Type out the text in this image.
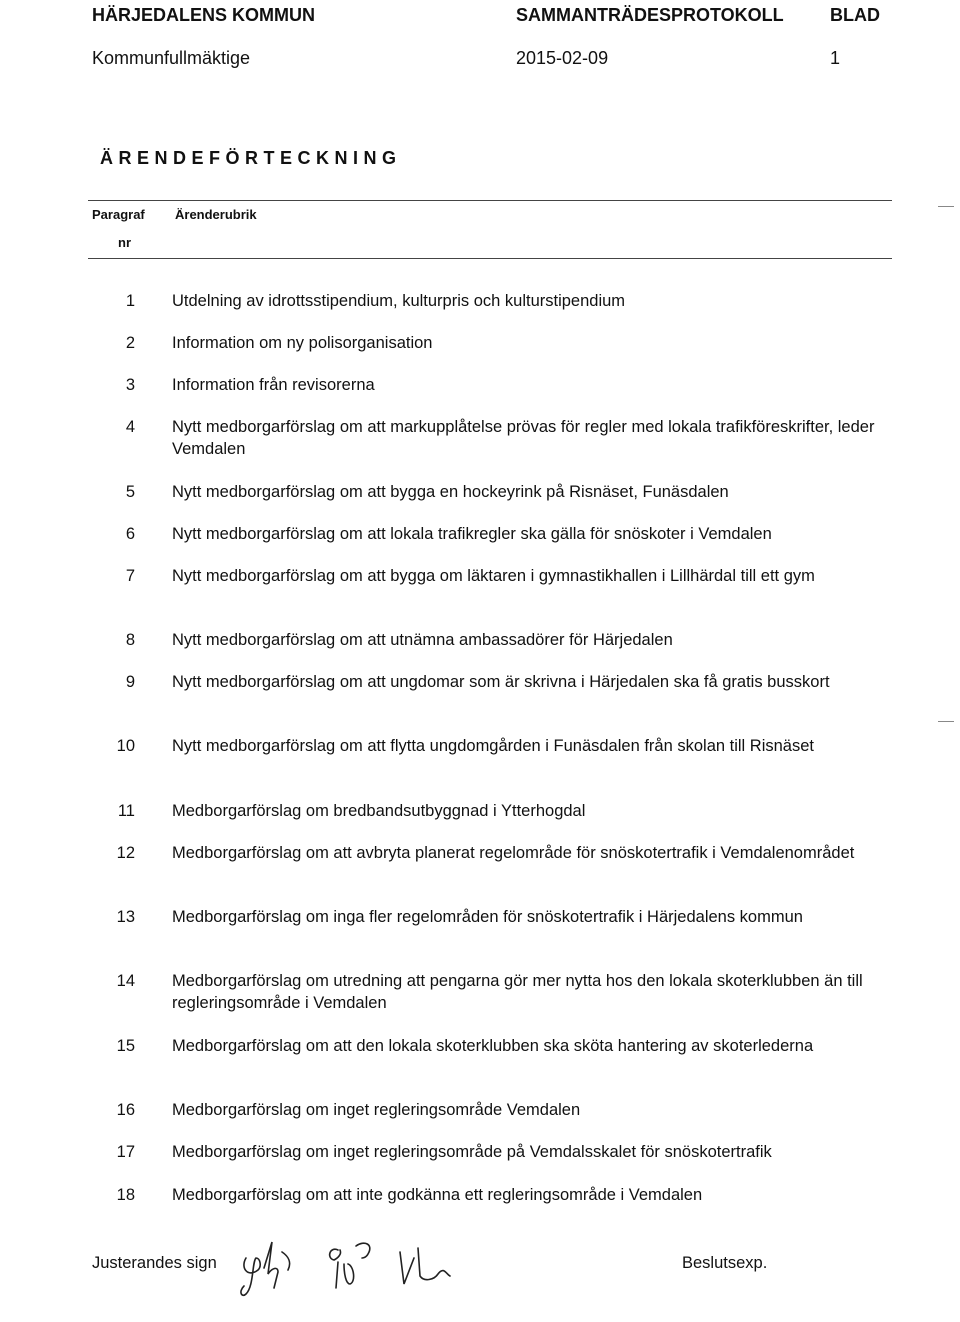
HÄRJEDALENS KOMMUN	SAMMANTRÄDESPROTOKOLL	BLAD
Kommunfullmäktige	2015-02-09	1
ÄRENDEFÖRTECKNING
Paragraf Ärenderubrik
nr
1 Utdelning av idrottsstipendium, kulturpris och kulturstipendium
2 Information om ny polisorganisation
3 Information från revisorerna
4 Nytt medborgarförslag om att markupplåtelse prövas för regler med lokala trafikföreskrifter, leder Vemdalen
5 Nytt medborgarförslag om att bygga en hockeyrink på Risnäset, Funäsdalen
6 Nytt medborgarförslag om att lokala trafikregler ska gälla för snöskoter i Vemdalen
7 Nytt medborgarförslag om att bygga om läktaren i gymnastikhallen i Lillhärdal till ett gym
8 Nytt medborgarförslag om att utnämna ambassadörer för Härjedalen
9 Nytt medborgarförslag om att ungdomar som är skrivna i Härjedalen ska få gratis busskort
10 Nytt medborgarförslag om att flytta ungdomgården i Funäsdalen från skolan till Risnäset
11 Medborgarförslag om bredbandsutbyggnad i Ytterhogdal
12 Medborgarförslag om att avbryta planerat regelområde för snöskotertrafik i Vemdalenområdet
13 Medborgarförslag om inga fler regelområden för snöskotertrafik i Härjedalens kommun
14 Medborgarförslag om utredning att pengarna gör mer nytta hos den lokala skoterklubben än till regleringsområde i Vemdalen
15 Medborgarförslag om att den lokala skoterklubben ska sköta hantering av skoterlederna
16 Medborgarförslag om inget regleringsområde Vemdalen
17 Medborgarförslag om inget regleringsområde på Vemdalsskalet för snöskotertrafik
18 Medborgarförslag om att inte godkänna ett regleringsområde i Vemdalen
Justerandes sign	Beslutsexp.
